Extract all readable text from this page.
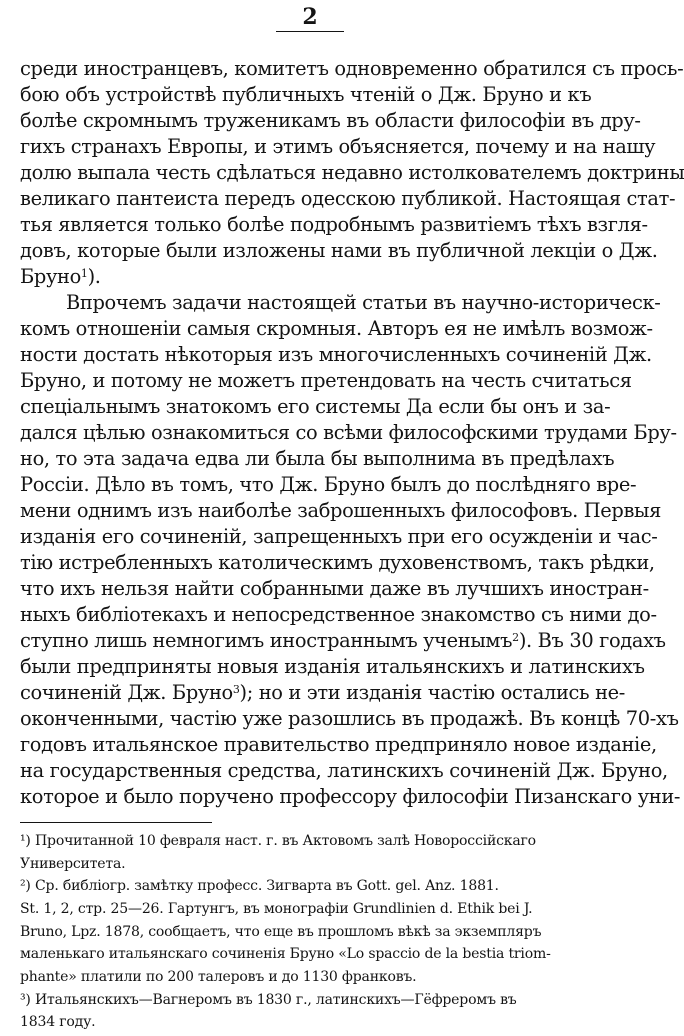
2
среди иностранцевъ, комитетъ одновременно обратился съ прось-
бою объ устройствѣ публичныхъ чтеній о Дж. Бруно и къ
болѣе скромнымъ труженикамъ въ области философіи въ дру-
гихъ странахъ Европы, и этимъ объясняется, почему и на нашу
долю выпала честь сдѣлаться недавно истолкователемъ доктрины
великаго пантеиста передъ одесскою публикой. Настоящая стат-
тья является только болѣе подробнымъ развитіемъ тѣхъ взгля-
довъ, которые были изложены нами въ публичной лекціи о Дж.
Бруно$^1$).
Впрочемъ задачи настоящей статьи въ научно-историческ-
комъ отношеніи самыя скромныя. Авторъ ея не имѣлъ возмож-
ности достать нѣкоторыя изъ многочисленныхъ сочиненій Дж.
Бруно, и потому не можетъ претендовать на честь считаться
спеціальнымъ знатокомъ его системы Да если бы онъ и за-
дался цѣлью ознакомиться со всѣми философскими трудами Бру-
но, то эта задача едва ли была бы выполнима въ предѣлахъ
Россіи. Дѣло въ томъ, что Дж. Бруно былъ до послѣдняго вре-
мени однимъ изъ наиболѣе заброшенныхъ философовъ. Первыя
изданія его сочиненій, запрещенныхъ при его осужденіи и час-
тію истребленныхъ католическимъ духовенствомъ, такъ рѣдки,
что ихъ нельзя найти собранными даже въ лучшихъ иностран-
ныхъ библіотекахъ и непосредственное знакомство съ ними до-
ступно лишь немногимъ иностраннымъ ученымъ$^2$). Въ 30 годахъ
были предприняты новыя изданія итальянскихъ и латинскихъ
сочиненій Дж. Бруно$^3$); но и эти изданія частію остались не-
оконченными, частію уже разошлись въ продажѣ. Въ концѣ 70-хъ
годовъ итальянское правительство предприняло новое изданіе,
на государственныя средства, латинскихъ сочиненій Дж. Бруно,
которое и было поручено профессору философіи Пизанскаго уни-
¹) Прочитанной 10 февраля наст. г. въ Актовомъ залѣ Новороссійскаго
Университета.
²) Ср. библіогр. замѣтку професс. Зигварта въ Gott. gel. Anz. 1881.
St. 1, 2, стр. 25—26. Гартунгъ, въ монографіи Grundlinien d. Ethik bei J.
Bruno, Lpz. 1878, сообщаетъ, что еще въ прошломъ вѣкѣ за экземпляръ
маленькаго итальянскаго сочиненія Бруно «Lo spaccio de la bestia triom-
phante» платили по 200 талеровъ и до 1130 франковъ.
³) Итальянскихъ—Вагнеромъ въ 1830 г., латинскихъ—Гёфреромъ въ
1834 году.
